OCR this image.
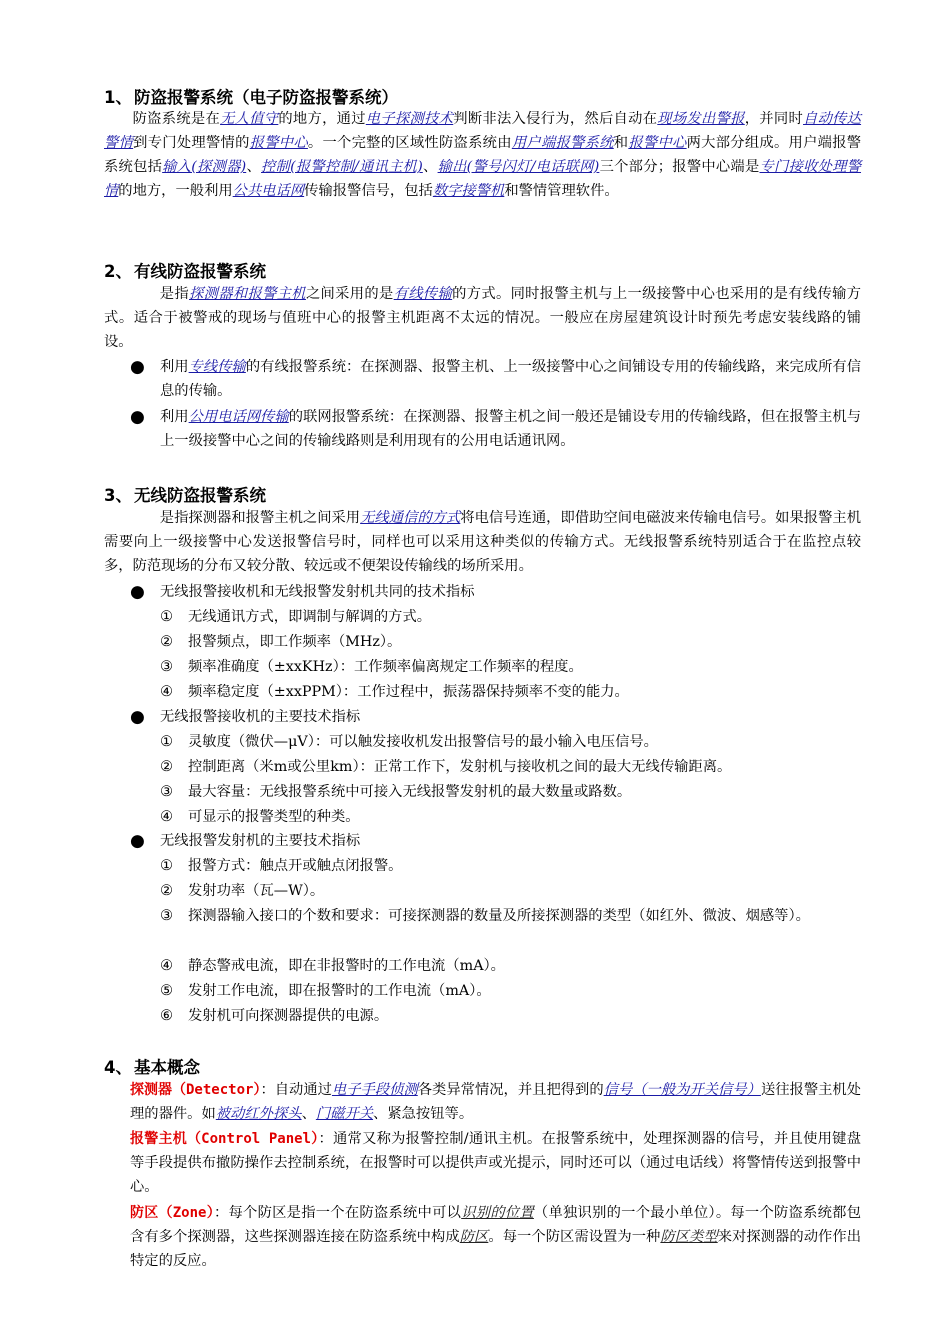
1、 防盗报警系统（电子防盗报警系统）
防盗系统是在无人值守的地方，通过电子探测技术判断非法入侵行为，然后自动在现场发出警报，并同时自动传达警情到专门处理警情的报警中心。一个完整的区域性防盗系统由用户端报警系统和报警中心两大部分组成。用户端报警系统包括输入(探测器)、控制(报警控制/通讯主机)、输出(警号闪灯/电话联网)三个部分；报警中心端是专门接收处理警情的地方，一般利用公共电话网传输报警信号，包括数字接警机和警情管理软件。
2、 有线防盗报警系统
是指探测器和报警主机之间采用的是有线传输的方式。同时报警主机与上一级接警中心也采用的是有线传输方式。适合于被警戒的现场与值班中心的报警主机距离不太远的情况。一般应在房屋建筑设计时预先考虑安装线路的铺设。
● 利用专线传输的有线报警系统：在探测器、报警主机、上一级接警中心之间铺设专用的传输线路，来完成所有信息的传输。
● 利用公用电话网传输的联网报警系统：在探测器、报警主机之间一般还是铺设专用的传输线路，但在报警主机与上一级接警中心之间的传输线路则是利用现有的公用电话通讯网。
3、 无线防盗报警系统
是指探测器和报警主机之间采用无线通信的方式将电信号连通，即借助空间电磁波来传输电信号。如果报警主机需要向上一级接警中心发送报警信号时，同样也可以采用这种类似的传输方式。无线报警系统特别适合于在监控点较多，防范现场的分布又较分散、较远或不便架设传输线的场所采用。
● 无线报警接收机和无线报警发射机共同的技术指标
① 无线通讯方式，即调制与解调的方式。
② 报警频点，即工作频率（MHz）。
③ 频率准确度（±xxKHz）：工作频率偏离规定工作频率的程度。
④ 频率稳定度（±xxPPM）：工作过程中，振荡器保持频率不变的能力。
● 无线报警接收机的主要技术指标
① 灵敏度（微伏—μV）：可以触发接收机发出报警信号的最小输入电压信号。
② 控制距离（米m或公里km）：正常工作下，发射机与接收机之间的最大无线传输距离。
③ 最大容量：无线报警系统中可接入无线报警发射机的最大数量或路数。
④ 可显示的报警类型的种类。
● 无线报警发射机的主要技术指标
① 报警方式：触点开或触点闭报警。
② 发射功率（瓦—W）。
③ 探测器输入接口的个数和要求：可接探测器的数量及所接探测器的类型（如红外、微波、烟感等）。
④ 静态警戒电流，即在非报警时的工作电流（mA）。
⑤ 发射工作电流，即在报警时的工作电流（mA）。
⑥ 发射机可向探测器提供的电源。
4、 基本概念
探测器（Detector）：自动通过电子手段侦测各类异常情况，并且把得到的信号（一般为开关信号）送往报警主机处理的器件。如被动红外探头、门磁开关、紧急按钮等。
报警主机（Control Panel）：通常又称为报警控制/通讯主机。在报警系统中，处理探测器的信号，并且使用键盘等手段提供布撤防操作去控制系统，在报警时可以提供声或光提示，同时还可以（通过电话线）将警情传送到报警中心。
防区（Zone）：每个防区是指一个在防盗系统中可以识别的位置（单独识别的一个最小单位）。每一个防盗系统都包含有多个探测器，这些探测器连接在防盗系统中构成防区。每一个防区需设置为一种防区类型来对探测器的动作作出特定的反应。
